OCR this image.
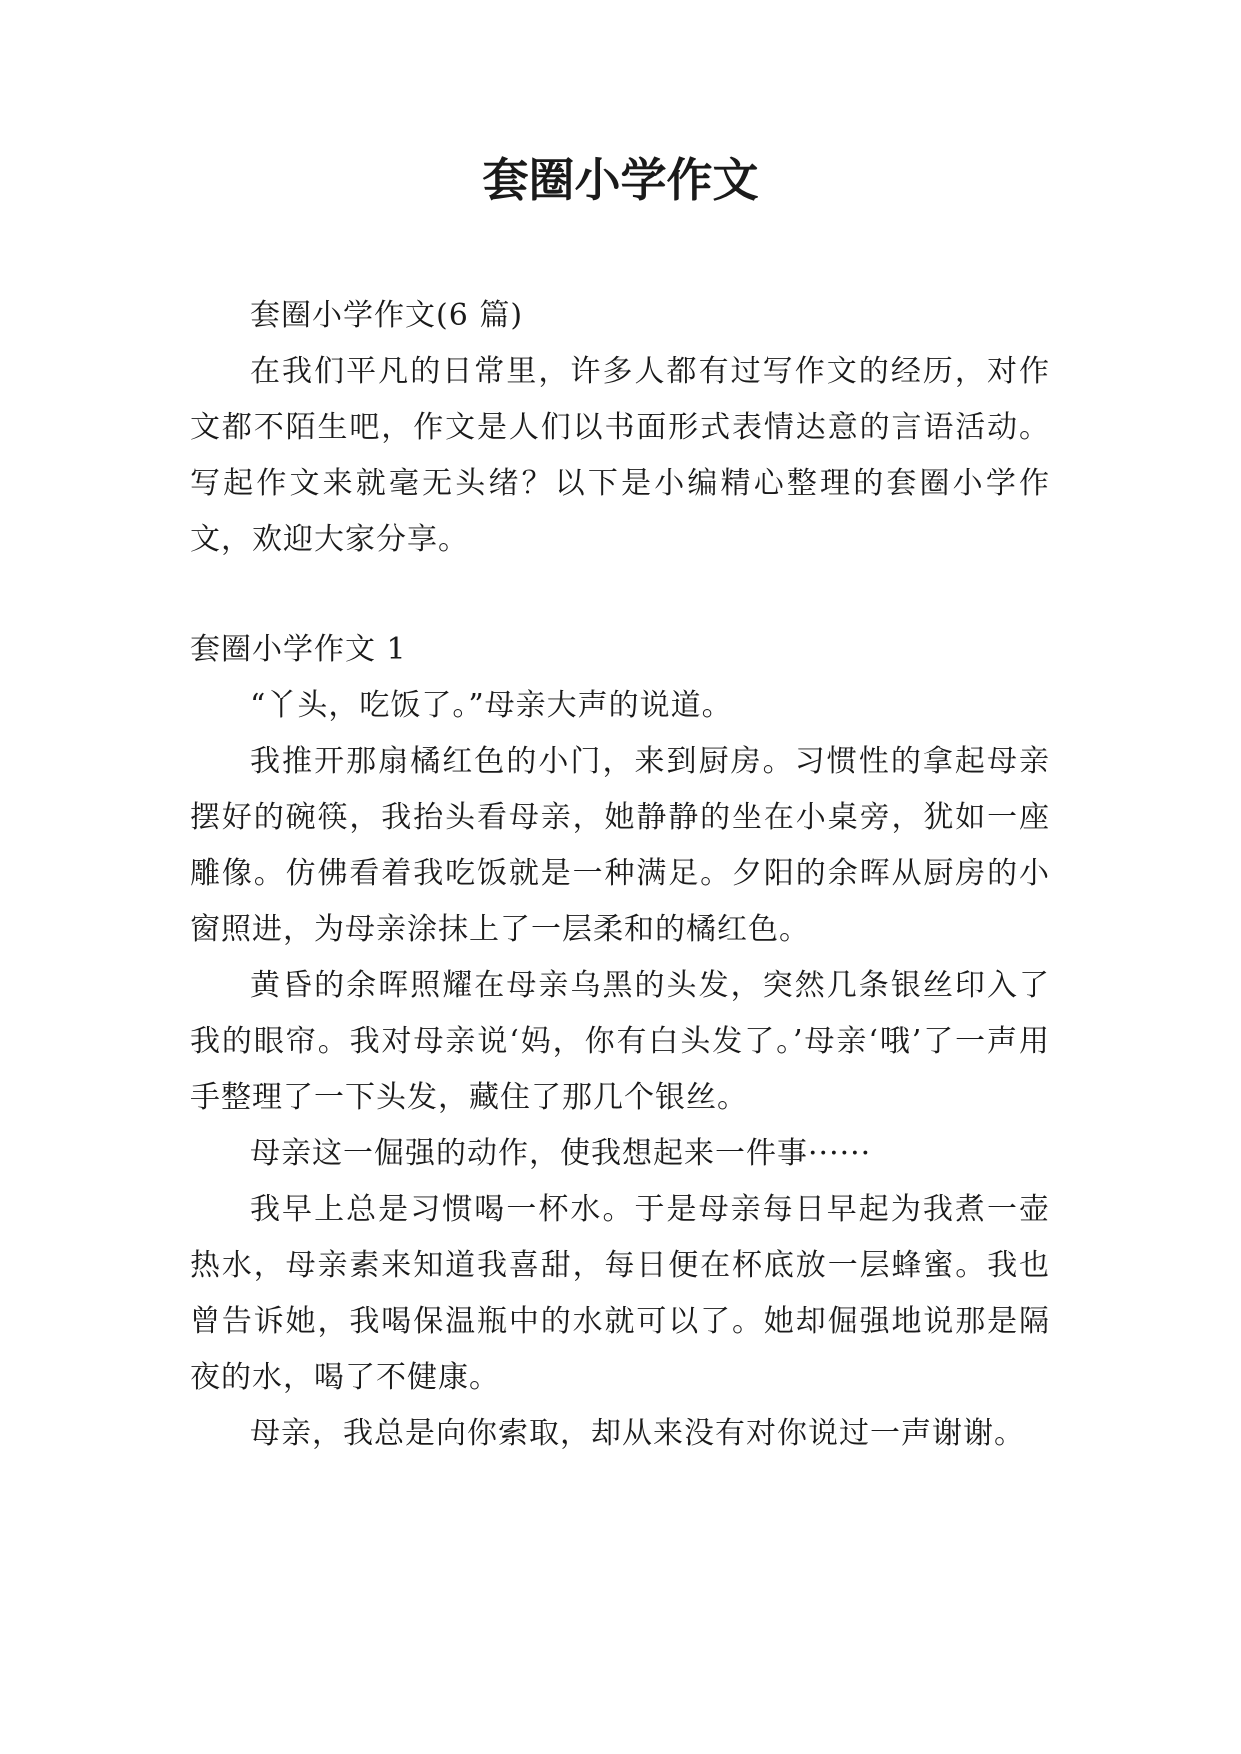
套圈小学作文

套圈小学作文(6 篇)

在我们平凡的日常里，许多人都有过写作文的经历，对作文都不陌生吧，作文是人们以书面形式表情达意的言语活动。写起作文来就毫无头绪？以下是小编精心整理的套圈小学作文，欢迎大家分享。

套圈小学作文 1

“丫头，吃饭了。”母亲大声的说道。

我推开那扇橘红色的小门，来到厨房。习惯性的拿起母亲摆好的碗筷，我抬头看母亲，她静静的坐在小桌旁，犹如一座雕像。仿佛看着我吃饭就是一种满足。夕阳的余晖从厨房的小窗照进，为母亲涂抹上了一层柔和的橘红色。

黄昏的余晖照耀在母亲乌黑的头发，突然几条银丝印入了我的眼帘。我对母亲说‘妈，你有白头发了。’母亲‘哦’了一声用手整理了一下头发，藏住了那几个银丝。

母亲这一倔强的动作，使我想起来一件事······

我早上总是习惯喝一杯水。于是母亲每日早起为我煮一壶热水，母亲素来知道我喜甜，每日便在杯底放一层蜂蜜。我也曾告诉她，我喝保温瓶中的水就可以了。她却倔强地说那是隔夜的水，喝了不健康。

母亲，我总是向你索取，却从来没有对你说过一声谢谢。
